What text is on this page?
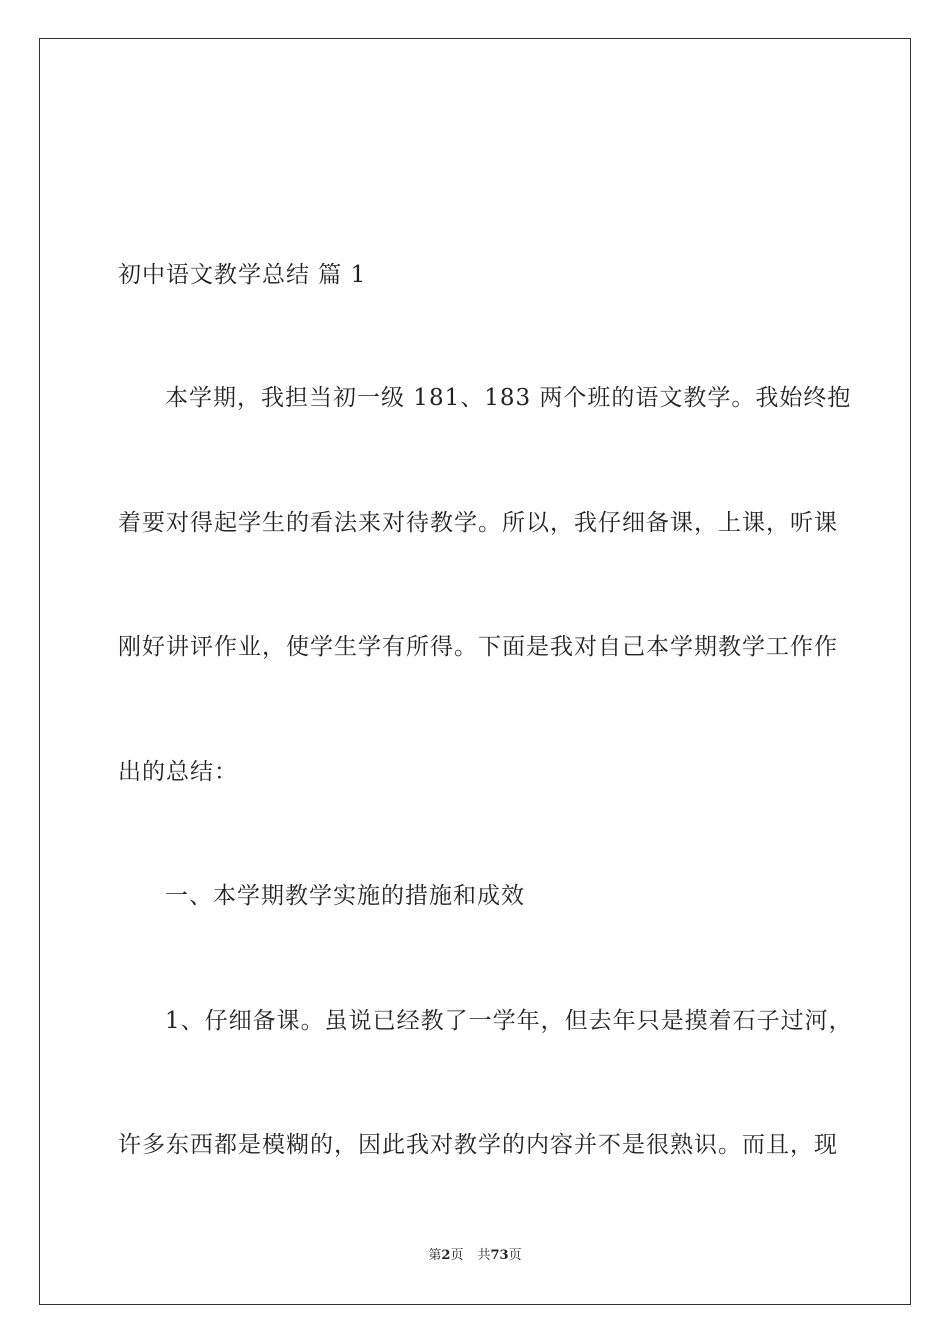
初中语文教学总结 篇 1
本学期，我担当初一级 181、183 两个班的语文教学。我始终抱
着要对得起学生的看法来对待教学。所以，我仔细备课，上课，听课
刚好讲评作业，使学生学有所得。下面是我对自己本学期教学工作作
出的总结：
一、本学期教学实施的措施和成效
1、仔细备课。虽说已经教了一学年，但去年只是摸着石子过河，
许多东西都是模糊的，因此我对教学的内容并不是很熟识。而且，现
第2页 共73页
